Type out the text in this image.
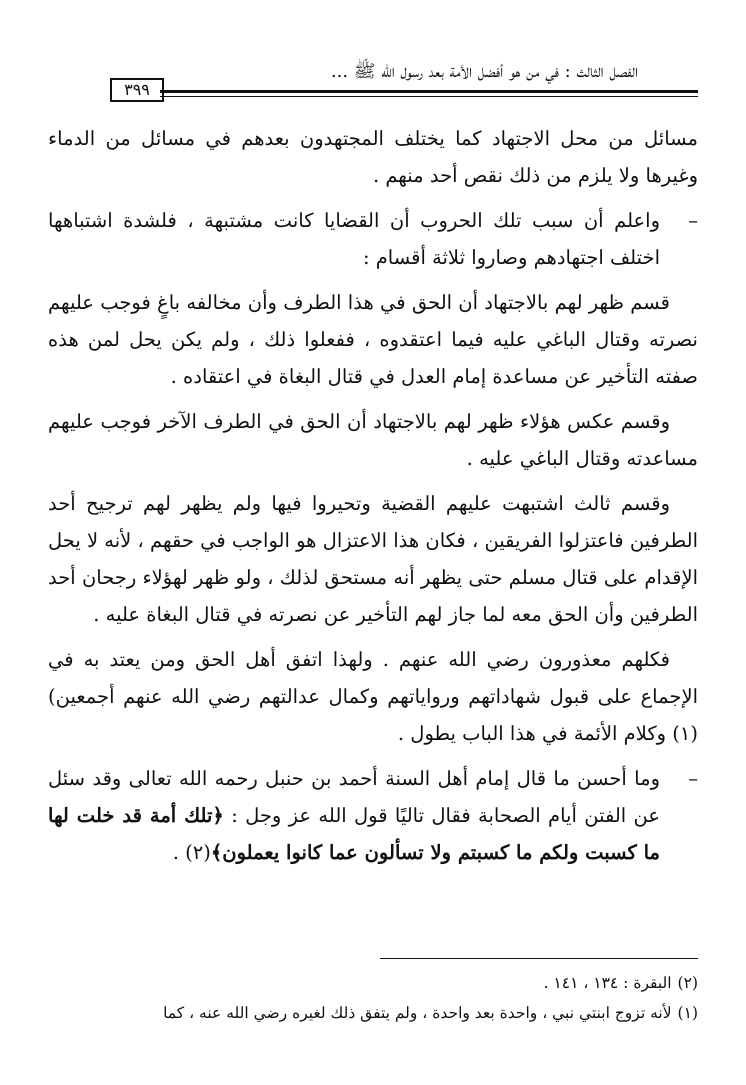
الفصل الثالث : في من هو أفضل الأمة بعد رسول الله ﷺ ...
٣٩٩

مسائل من محل الاجتهاد كما يختلف المجتهدون بعدهم في مسائل من الدماء وغيرها ولا يلزم من ذلك نقص أحد منهم .

–
واعلم أن سبب تلك الحروب أن القضايا كانت مشتبهة ، فلشدة اشتباهها اختلف اجتهادهم وصاروا ثلاثة أقسام :

قسم ظهر لهم بالاجتهاد أن الحق في هذا الطرف وأن مخالفه باغٍ فوجب عليهم نصرته وقتال الباغي عليه فيما اعتقدوه ، ففعلوا ذلك ، ولم يكن يحل لمن هذه صفته التأخير عن مساعدة إمام العدل في قتال البغاة في اعتقاده .

وقسم عكس هؤلاء ظهر لهم بالاجتهاد أن الحق في الطرف الآخر فوجب عليهم مساعدته وقتال الباغي عليه .

وقسم ثالث اشتبهت عليهم القضية وتحيروا فيها ولم يظهر لهم ترجيح أحد الطرفين فاعتزلوا الفريقين ، فكان هذا الاعتزال هو الواجب في حقهم ، لأنه لا يحل الإقدام على قتال مسلم حتى يظهر أنه مستحق لذلك ، ولو ظهر لهؤلاء رجحان أحد الطرفين وأن الحق معه لما جاز لهم التأخير عن نصرته في قتال البغاة عليه .

فكلهم معذورون رضي الله عنهم . ولهذا اتفق أهل الحق ومن يعتد به في الإجماع على قبول شهاداتهم ورواياتهم وكمال عدالتهم رضي الله عنهم أجمعين)(١) وكلام الأئمة في هذا الباب يطول .

–
وما أحسن ما قال إمام أهل السنة أحمد بن حنبل رحمه الله تعالى وقد سئل عن الفتن أيام الصحابة فقال تاليًا قول الله عز وجل : ﴿تلك أمة قد خلت لها ما كسبت ولكم ما كسبتم ولا تسألون عما كانوا يعملون﴾(٢) .

(٢)البقرة : ١٣٤ ، ١٤١ .
(١)لأنه تزوج ابنتي نبي ، واحدة بعد واحدة ، ولم يتفق ذلك لغيره رضي الله عنه ، كما
